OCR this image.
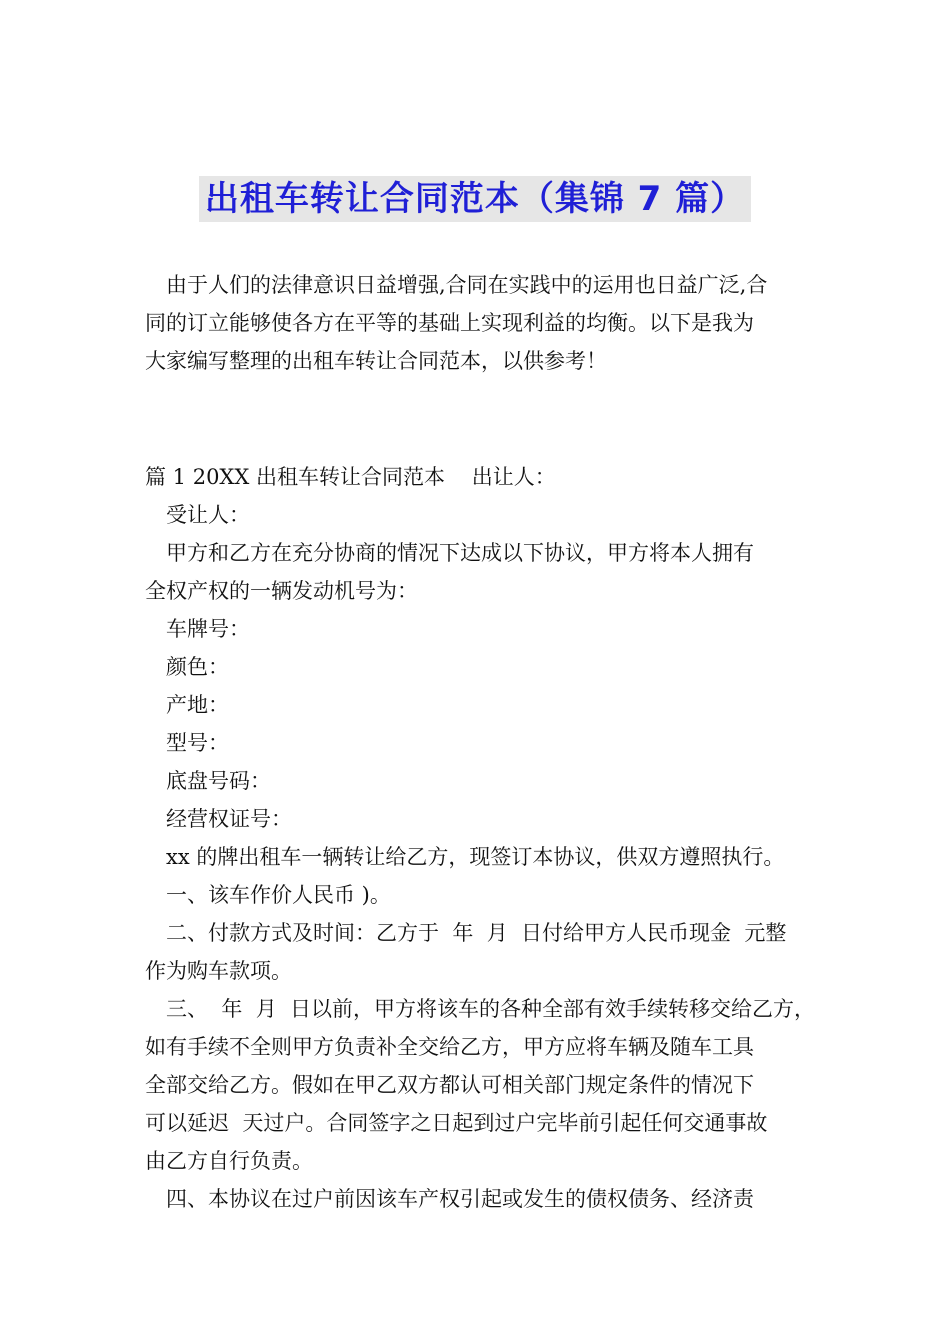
出租车转让合同范本（集锦 7 篇）

由于人们的法律意识日益增强,合同在实践中的运用也日益广泛,合

同的订立能够使各方在平等的基础上实现利益的均衡。以下是我为

大家编写整理的出租车转让合同范本，以供参考！

篇 1 20XX 出租车转让合同范本    出让人：

受让人：

甲方和乙方在充分协商的情况下达成以下协议，甲方将本人拥有

全权产权的一辆发动机号为：

车牌号：

颜色：

产地：

型号：

底盘号码：

经营权证号：

xx 的牌出租车一辆转让给乙方，现签订本协议，供双方遵照执行。

一、该车作价人民币 )。

二、付款方式及时间：乙方于  年  月  日付给甲方人民币现金  元整

作为购车款项。

三、  年  月  日以前，甲方将该车的各种全部有效手续转移交给乙方，

如有手续不全则甲方负责补全交给乙方，甲方应将车辆及随车工具

全部交给乙方。假如在甲乙双方都认可相关部门规定条件的情况下

可以延迟  天过户。合同签字之日起到过户完毕前引起任何交通事故

由乙方自行负责。

四、本协议在过户前因该车产权引起或发生的债权债务、经济责
